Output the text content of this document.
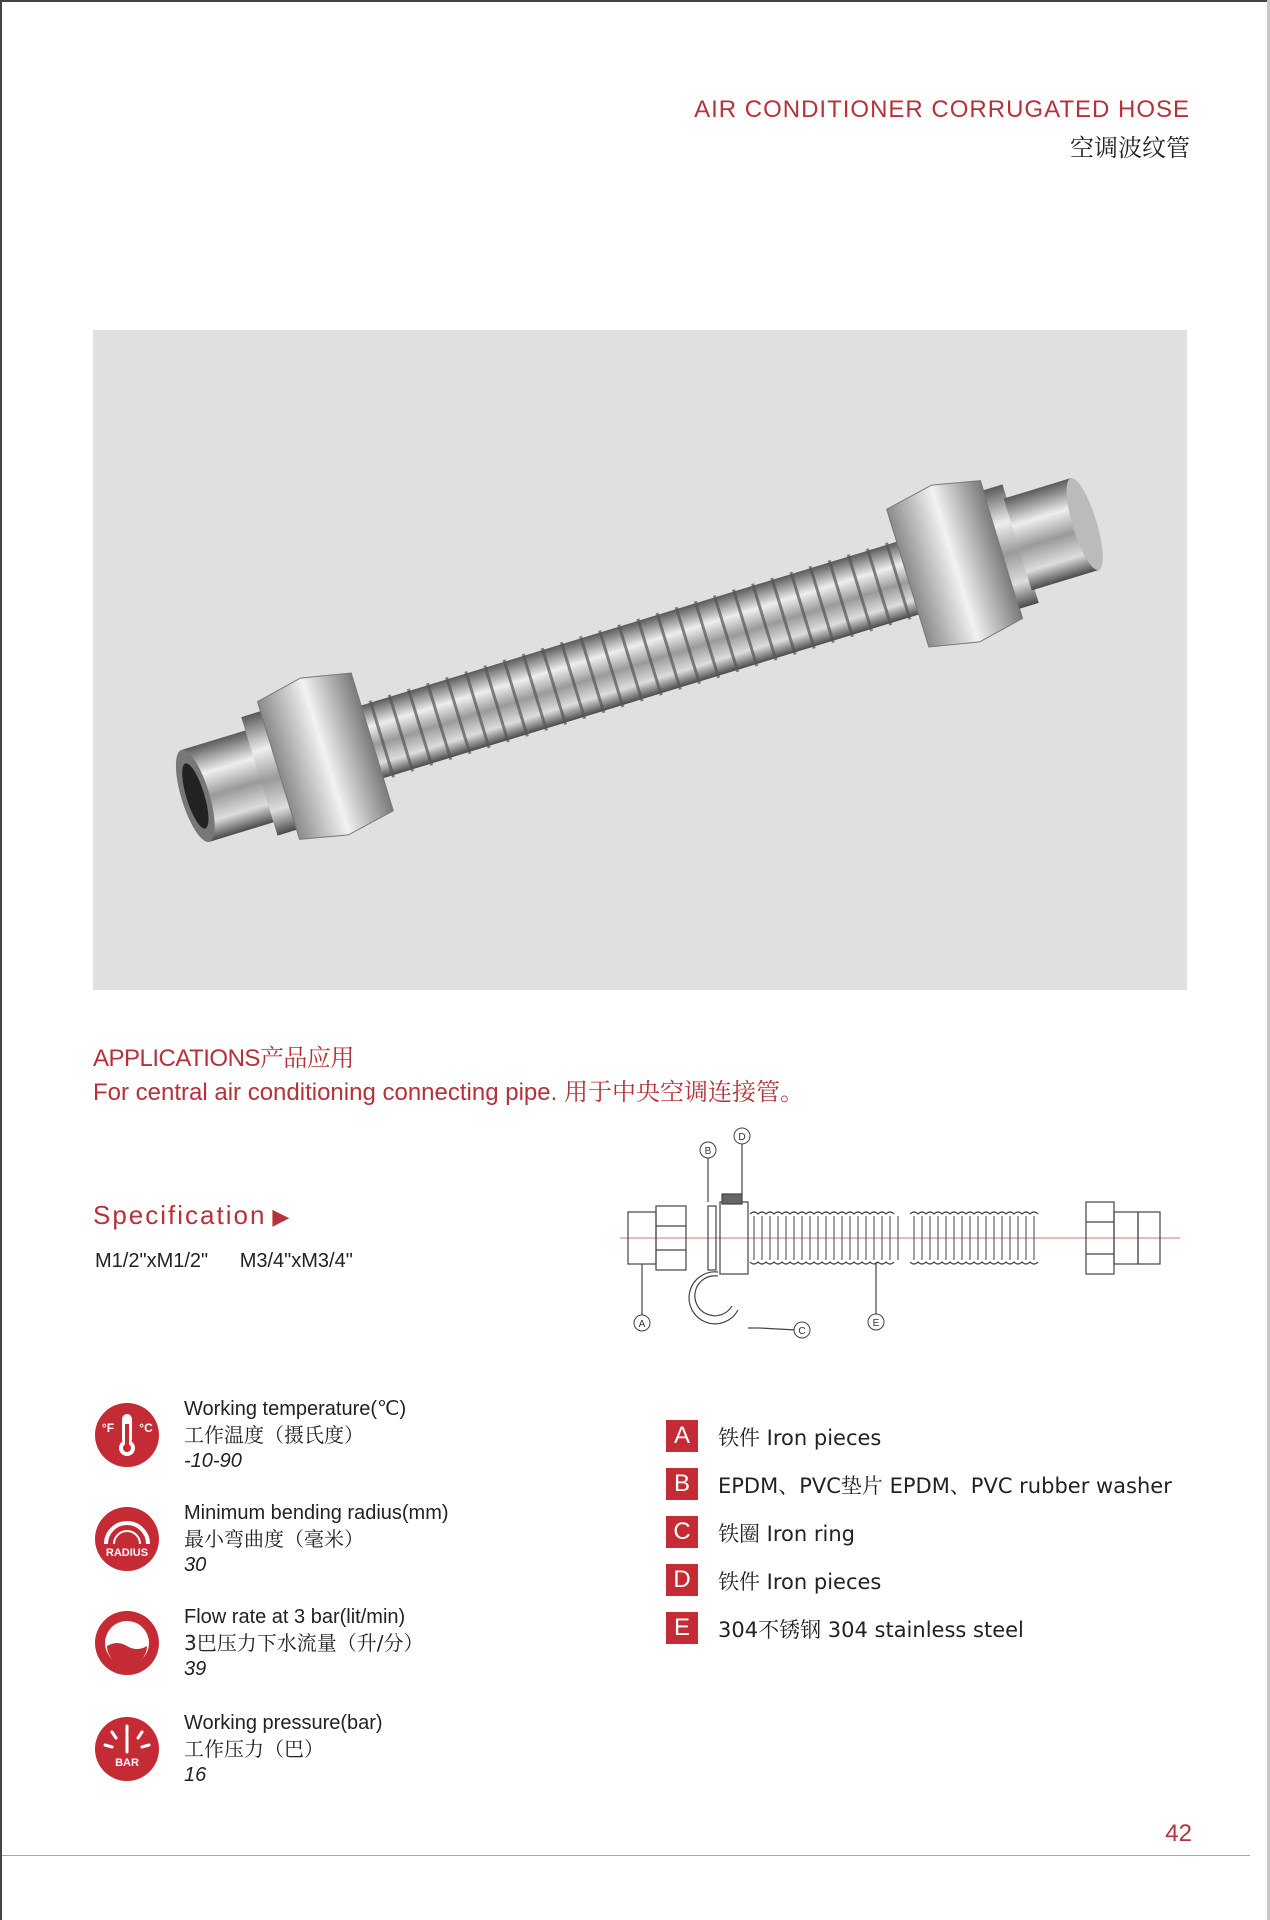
AIR CONDITIONER CORRUGATED HOSE
空调波纹管
APPLICATIONS产品应用
For central air conditioning connecting pipe. 用于中央空调连接管。
Specification ▶
M1/2"xM1/2" M3/4"xM3/4"
A
B
C
D
E
°F °C
Working temperature(℃)
工作温度（摄氏度）
-10-90
RADIUS
Minimum bending radius(mm)
最小弯曲度（毫米）
30
Flow rate at 3 bar(lit/min)
3巴压力下水流量（升/分）
39
BAR
Working pressure(bar)
工作压力（巴）
16
A	铁件 Iron pieces
B	EPDM、PVC垫片 EPDM、PVC rubber washer
C	铁圈 Iron ring
D	铁件 Iron pieces
E	304不锈钢 304 stainless steel
42
